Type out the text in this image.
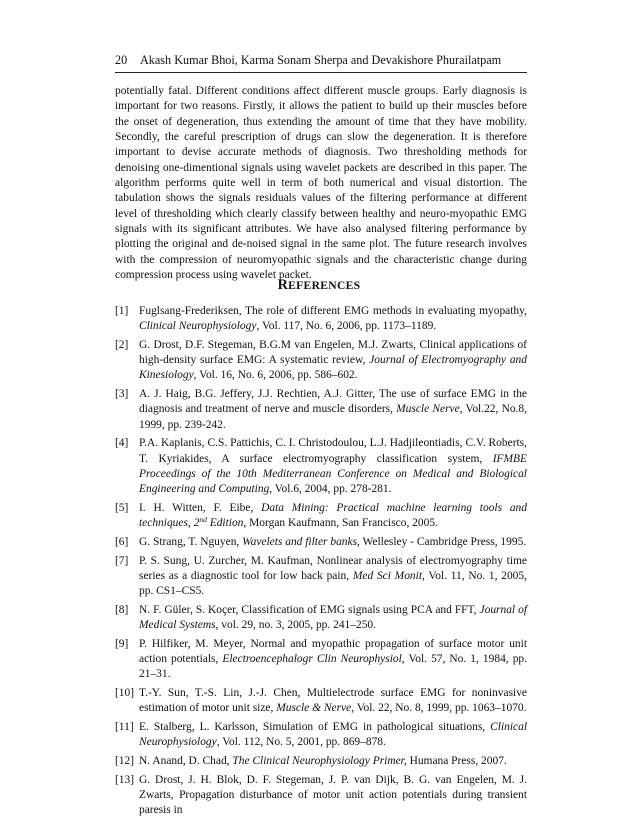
20 Akash Kumar Bhoi, Karma Sonam Sherpa and Devakishore Phurailatpam

potentially fatal. Different conditions affect different muscle groups. Early diagnosis is important for two reasons. Firstly, it allows the patient to build up their muscles before the onset of degeneration, thus extending the amount of time that they have mobility. Secondly, the careful prescription of drugs can slow the degeneration. It is therefore important to devise accurate methods of diagnosis. Two thresholding methods for denoising one-dimentional signals using wavelet packets are described in this paper. The algorithm performs quite well in term of both numerical and visual distortion. The tabulation shows the signals residuals values of the filtering performance at different level of thresholding which clearly classify between healthy and neuro-myopathic EMG signals with its significant attributes. We have also analysed filtering performance by plotting the original and de-noised signal in the same plot. The future research involves with the compression of neuromyopathic signals and the characteristic change during compression process using wavelet packet.

REFERENCES
[1] Fuglsang-Frederiksen, The role of different EMG methods in evaluating myopathy, Clinical Neurophysiology, Vol. 117, No. 6, 2006, pp. 1173–1189.
[2] G. Drost, D.F. Stegeman, B.G.M van Engelen, M.J. Zwarts, Clinical applications of high-density surface EMG: A systematic review, Journal of Electromyography and Kinesiology, Vol. 16, No. 6, 2006, pp. 586–602.
[3] A. J. Haig, B.G. Jeffery, J.J. Rechtien, A.J. Gitter, The use of surface EMG in the diagnosis and treatment of nerve and muscle disorders, Muscle Nerve, Vol.22, No.8, 1999, pp. 239-242.
[4] P.A. Kaplanis, C.S. Pattichis, C. I. Christodoulou, L.J. Hadjileontiadis, C.V. Roberts, T. Kyriakides, A surface electromyography classification system, IFMBE Proceedings of the 10th Mediterranean Conference on Medical and Biological Engineering and Computing, Vol.6, 2004, pp. 278-281.
[5] I. H. Witten, F. Eibe, Data Mining: Practical machine learning tools and techniques, 2nd Edition, Morgan Kaufmann, San Francisco, 2005.
[6] G. Strang, T. Nguyen, Wavelets and filter banks, Wellesley - Cambridge Press, 1995.
[7] P. S. Sung, U. Zurcher, M. Kaufman, Nonlinear analysis of electromyography time series as a diagnostic tool for low back pain, Med Sci Monit, Vol. 11, No. 1, 2005, pp. CS1–CS5.
[8] N. F. Güler, S. Koçer, Classification of EMG signals using PCA and FFT, Journal of Medical Systems, vol. 29, no. 3, 2005, pp. 241–250.
[9] P. Hilfiker, M. Meyer, Normal and myopathic propagation of surface motor unit action potentials, Electroencephalogr Clin Neurophysiol, Vol. 57, No. 1, 1984, pp. 21–31.
[10] T.-Y. Sun, T.-S. Lin, J.-J. Chen, Multielectrode surface EMG for noninvasive estimation of motor unit size, Muscle & Nerve, Vol. 22, No. 8, 1999, pp. 1063–1070.
[11] E. Stalberg, L. Karlsson, Simulation of EMG in pathological situations, Clinical Neurophysiology, Vol. 112, No. 5, 2001, pp. 869–878.
[12] N. Anand, D. Chad, The Clinical Neurophysiology Primer, Humana Press, 2007.
[13] G. Drost, J. H. Blok, D. F. Stegeman, J. P. van Dijk, B. G. van Engelen, M. J. Zwarts, Propagation disturbance of motor unit action potentials during transient paresis in
